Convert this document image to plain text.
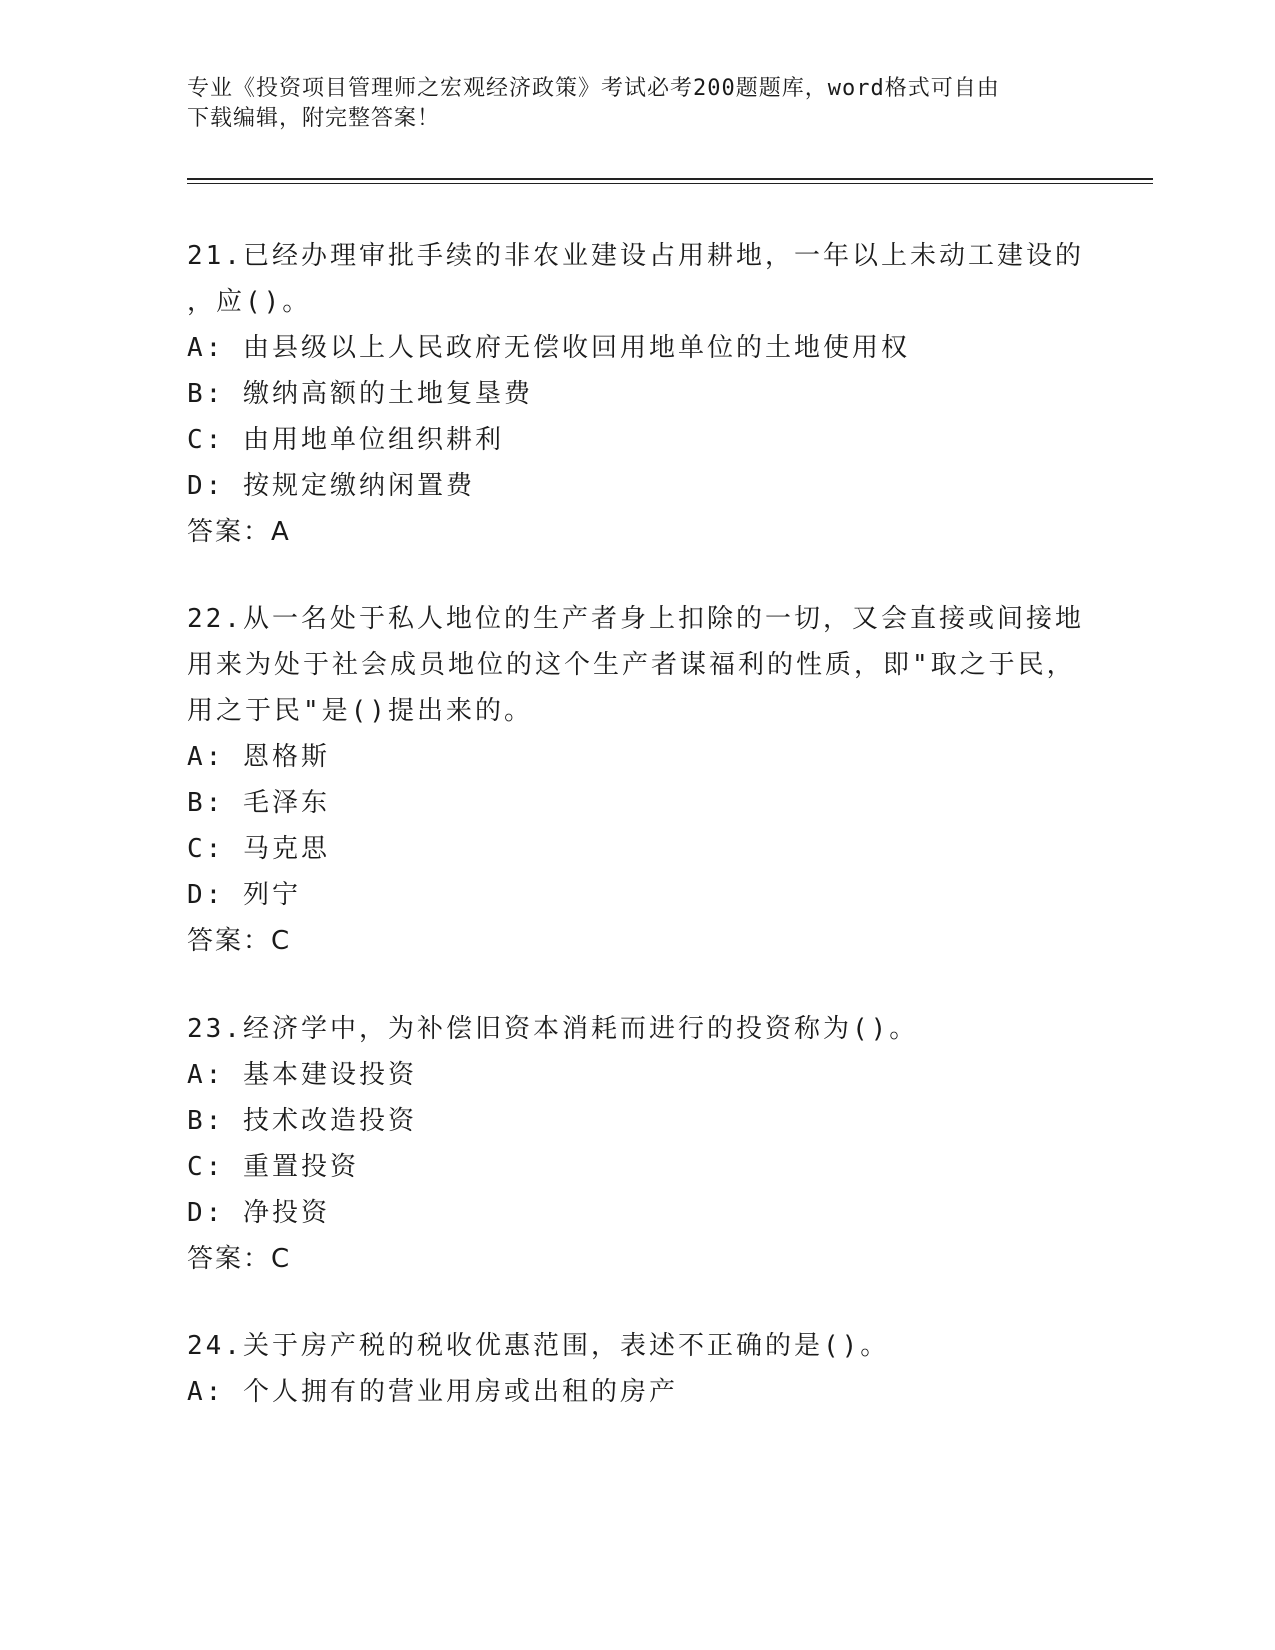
专业《投资项目管理师之宏观经济政策》考试必考200题题库，word格式可自由
下载编辑，附完整答案！
21.已经办理审批手续的非农业建设占用耕地，一年以上未动工建设的
，应()。
A: 由县级以上人民政府无偿收回用地单位的土地使用权
B: 缴纳高额的土地复垦费
C: 由用地单位组织耕利
D: 按规定缴纳闲置费
答案：A
22.从一名处于私人地位的生产者身上扣除的一切，又会直接或间接地
用来为处于社会成员地位的这个生产者谋福利的性质，即"取之于民，
用之于民"是()提出来的。
A: 恩格斯
B: 毛泽东
C: 马克思
D: 列宁
答案：C
23.经济学中，为补偿旧资本消耗而进行的投资称为()。
A: 基本建设投资
B: 技术改造投资
C: 重置投资
D: 净投资
答案：C
24.关于房产税的税收优惠范围，表述不正确的是()。
A: 个人拥有的营业用房或出租的房产
